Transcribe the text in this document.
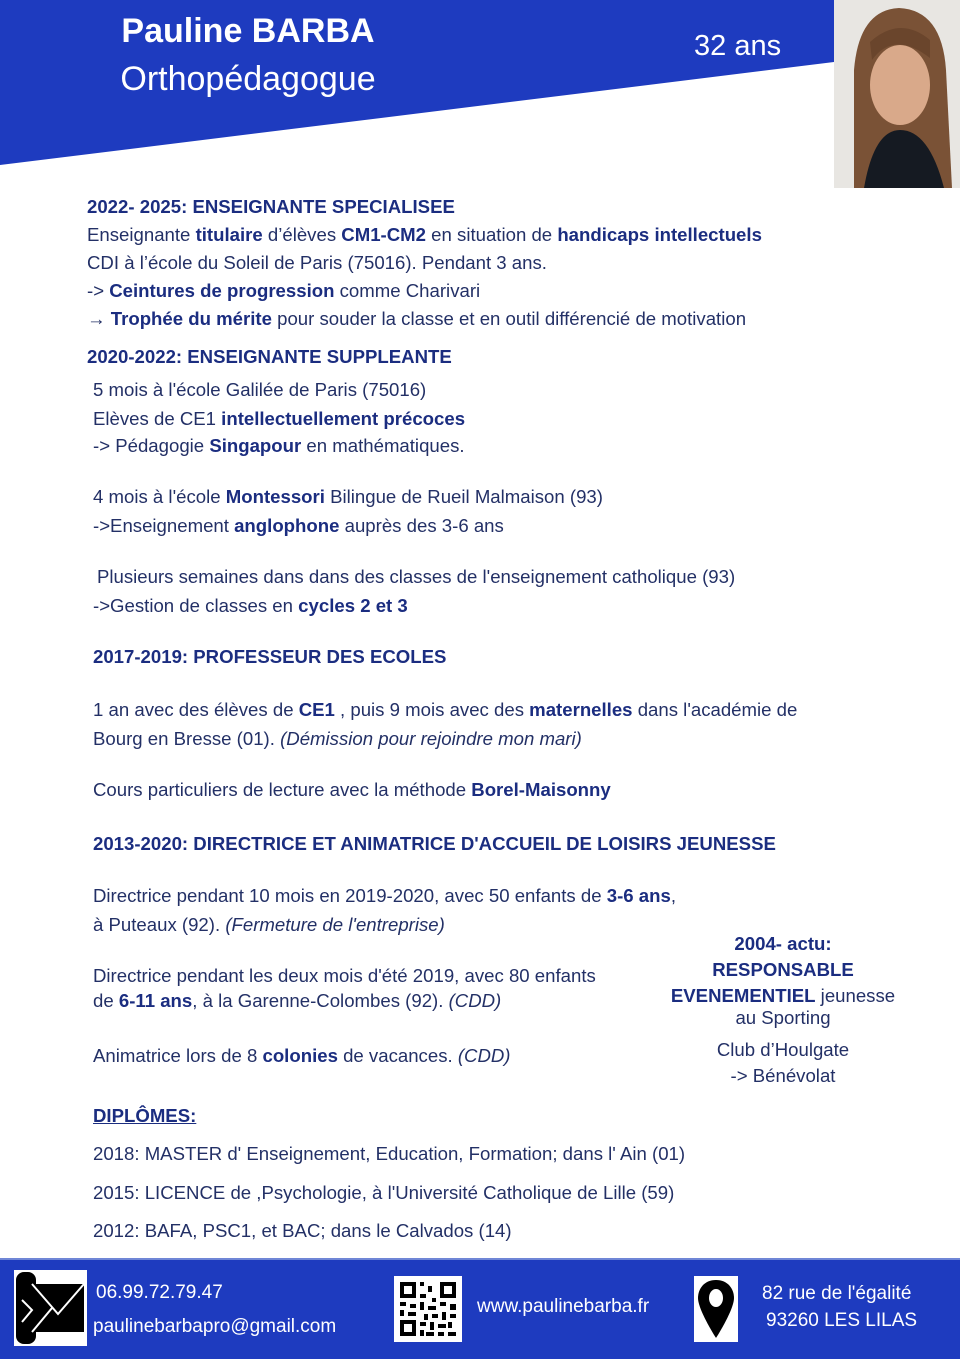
Pauline BARBA
Orthopédagogue
32 ans
2022- 2025: ENSEIGNANTE SPECIALISEE
Enseignante titulaire d’élèves CM1-CM2 en situation de handicaps intellectuels
CDI à l’école du Soleil de Paris (75016). Pendant 3 ans.
-> Ceintures de progression comme Charivari
→ Trophée du mérite pour souder la classe et en outil différencié de motivation
2020-2022: ENSEIGNANTE SUPPLEANTE
5 mois à l'école Galilée de Paris (75016)
Elèves de CE1 intellectuellement précoces
-> Pédagogie Singapour en mathématiques.
4 mois à l'école Montessori Bilingue de Rueil Malmaison (93)
->Enseignement anglophone auprès des 3-6 ans
Plusieurs semaines dans dans des classes de l'enseignement catholique (93)
->Gestion de classes en cycles 2 et 3
2017-2019: PROFESSEUR DES ECOLES
1 an avec des élèves de CE1 , puis 9 mois avec des maternelles dans l'académie de
Bourg en Bresse (01). (Démission pour rejoindre mon mari)
Cours particuliers de lecture avec la méthode Borel-Maisonny
2013-2020: DIRECTRICE ET ANIMATRICE D'ACCUEIL DE LOISIRS JEUNESSE
Directrice pendant 10 mois en 2019-2020, avec 50 enfants de 3-6 ans,
à Puteaux (92). (Fermeture de l'entreprise)
Directrice pendant les deux mois d'été 2019, avec 80 enfants
de 6-11 ans, à la Garenne-Colombes (92). (CDD)
Animatrice lors de 8 colonies de vacances. (CDD)
DIPLÔMES:
2018: MASTER d' Enseignement, Education, Formation; dans l' Ain (01)
2015: LICENCE de ,Psychologie, à l'Université Catholique de Lille (59)
2012: BAFA, PSC1, et BAC; dans le Calvados (14)
2004- actu:
RESPONSABLE
EVENEMENTIEL jeunesse
au Sporting
Club d’Houlgate
-> Bénévolat
06.99.72.79.47
paulinebarbapro@gmail.com
www.paulinebarba.fr
82 rue de l'égalité
93260 LES LILAS
